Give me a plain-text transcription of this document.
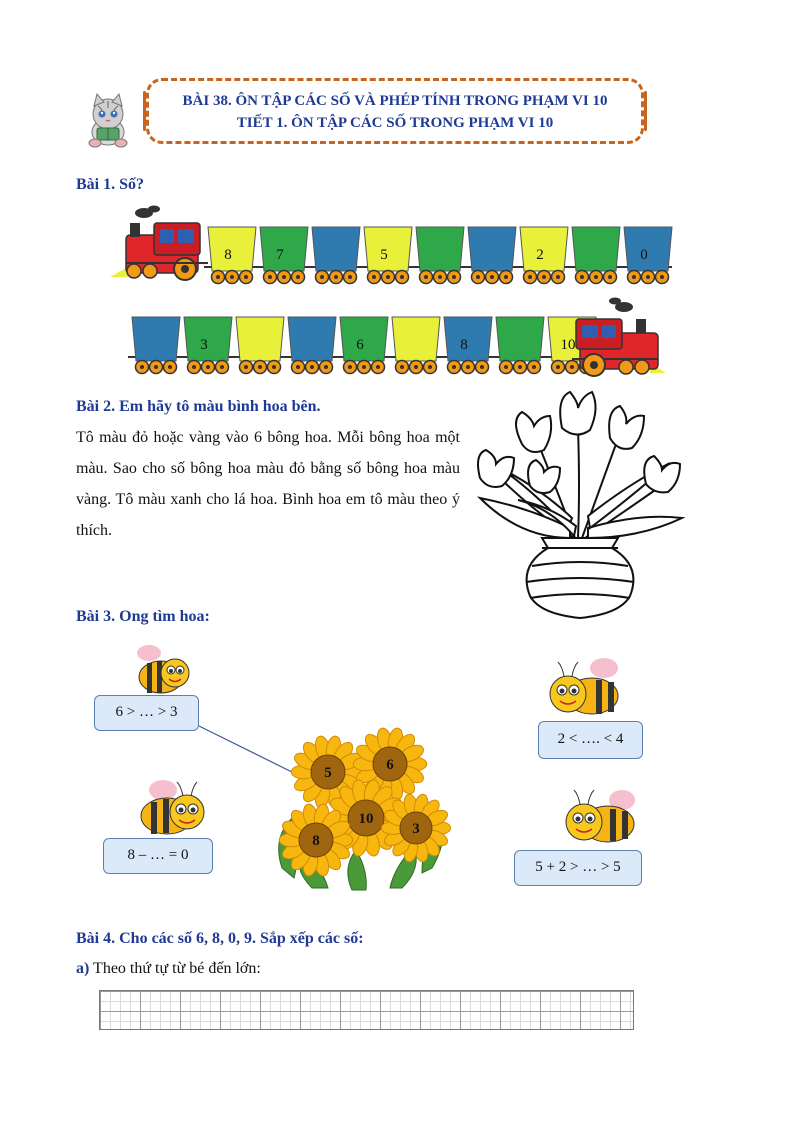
BÀI 38. ÔN TẬP CÁC SỐ VÀ PHÉP TÍNH TRONG PHẠM VI 10
TIẾT 1. ÔN TẬP CÁC SỐ TRONG PHẠM VI 10
Bài 1. Số?
8	7	5	2	0
3	6	8	10
Bài 2. Em hãy tô màu bình hoa bên.
Tô màu đỏ hoặc vàng vào 6 bông hoa. Mỗi bông hoa một màu. Sao cho số bông hoa màu đỏ bằng số bông hoa màu vàng. Tô màu xanh cho lá hoa. Bình hoa em tô màu theo ý thích.
Bài 3. Ong tìm hoa:
6 > … > 3
2 < …. < 4
8 – … = 0
5 + 2 > … > 5
5	6
10
8
3
Bài 4. Cho các số 6, 8, 0, 9. Sắp xếp các số:
a) Theo thứ tự từ bé đến lớn:
